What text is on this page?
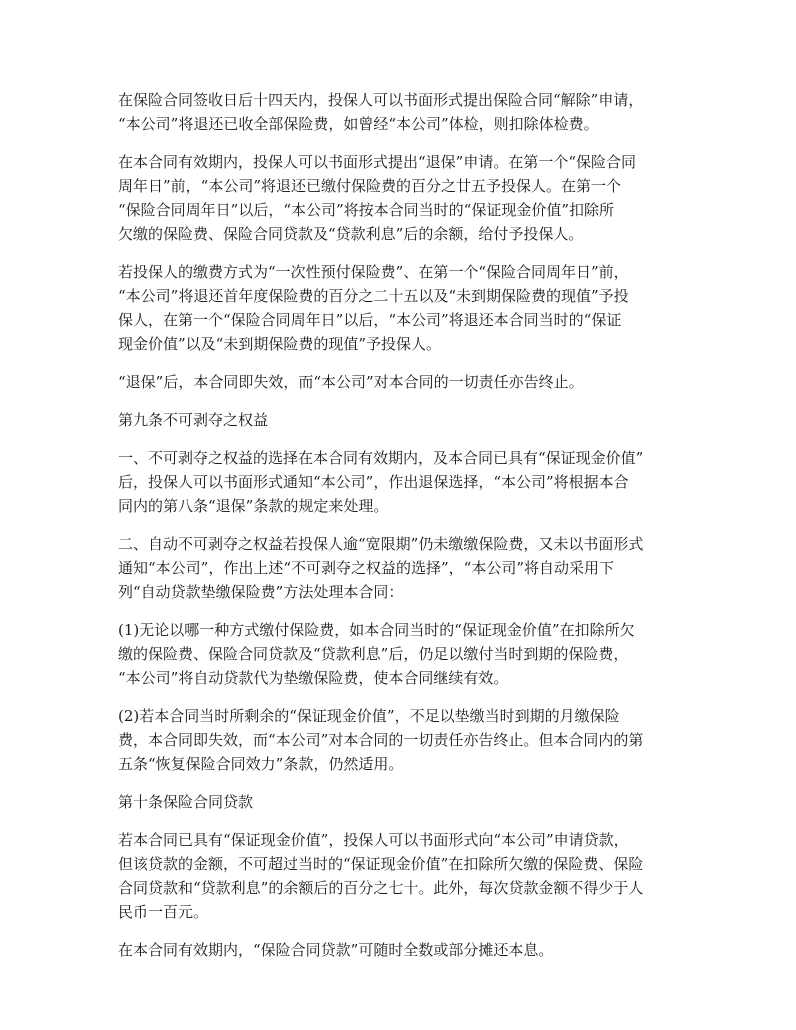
在保险合同签收日后十四天内，投保人可以书面形式提出保险合同“解除”申请，
“本公司”将退还已收全部保险费，如曾经“本公司”体检，则扣除体检费。

在本合同有效期内，投保人可以书面形式提出“退保”申请。在第一个“保险合同
周年日”前，“本公司”将退还已缴付保险费的百分之廿五予投保人。在第一个
“保险合同周年日”以后，“本公司”将按本合同当时的“保证现金价值”扣除所
欠缴的保险费、保险合同贷款及“贷款利息”后的余额，给付予投保人。

若投保人的缴费方式为“一次性预付保险费”、在第一个“保险合同周年日”前，
“本公司”将退还首年度保险费的百分之二十五以及“未到期保险费的现值”予投
保人，在第一个“保险合同周年日”以后，“本公司”将退还本合同当时的“保证
现金价值”以及“未到期保险费的现值”予投保人。

“退保”后，本合同即失效，而“本公司”对本合同的一切责任亦告终止。

第九条不可剥夺之权益

一、不可剥夺之权益的选择在本合同有效期内，及本合同已具有“保证现金价值”
后，投保人可以书面形式通知“本公司”，作出退保选择，“本公司”将根据本合
同内的第八条“退保”条款的规定来处理。

二、自动不可剥夺之权益若投保人逾“宽限期”仍未缴缴保险费，又未以书面形式
通知“本公司”，作出上述“不可剥夺之权益的选择”，“本公司”将自动采用下
列“自动贷款垫缴保险费”方法处理本合同：

(1)无论以哪一种方式缴付保险费，如本合同当时的“保证现金价值”在扣除所欠
缴的保险费、保险合同贷款及“贷款利息”后，仍足以缴付当时到期的保险费，
“本公司”将自动贷款代为垫缴保险费，使本合同继续有效。

(2)若本合同当时所剩余的“保证现金价值”，不足以垫缴当时到期的月缴保险
费，本合同即失效，而“本公司”对本合同的一切责任亦告终止。但本合同内的第
五条“恢复保险合同效力”条款，仍然适用。

第十条保险合同贷款

若本合同已具有“保证现金价值”，投保人可以书面形式向“本公司”申请贷款，
但该贷款的金额，不可超过当时的“保证现金价值”在扣除所欠缴的保险费、保险
合同贷款和“贷款利息”的余额后的百分之七十。此外，每次贷款金额不得少于人
民币一百元。

在本合同有效期内，“保险合同贷款”可随时全数或部分摊还本息。
